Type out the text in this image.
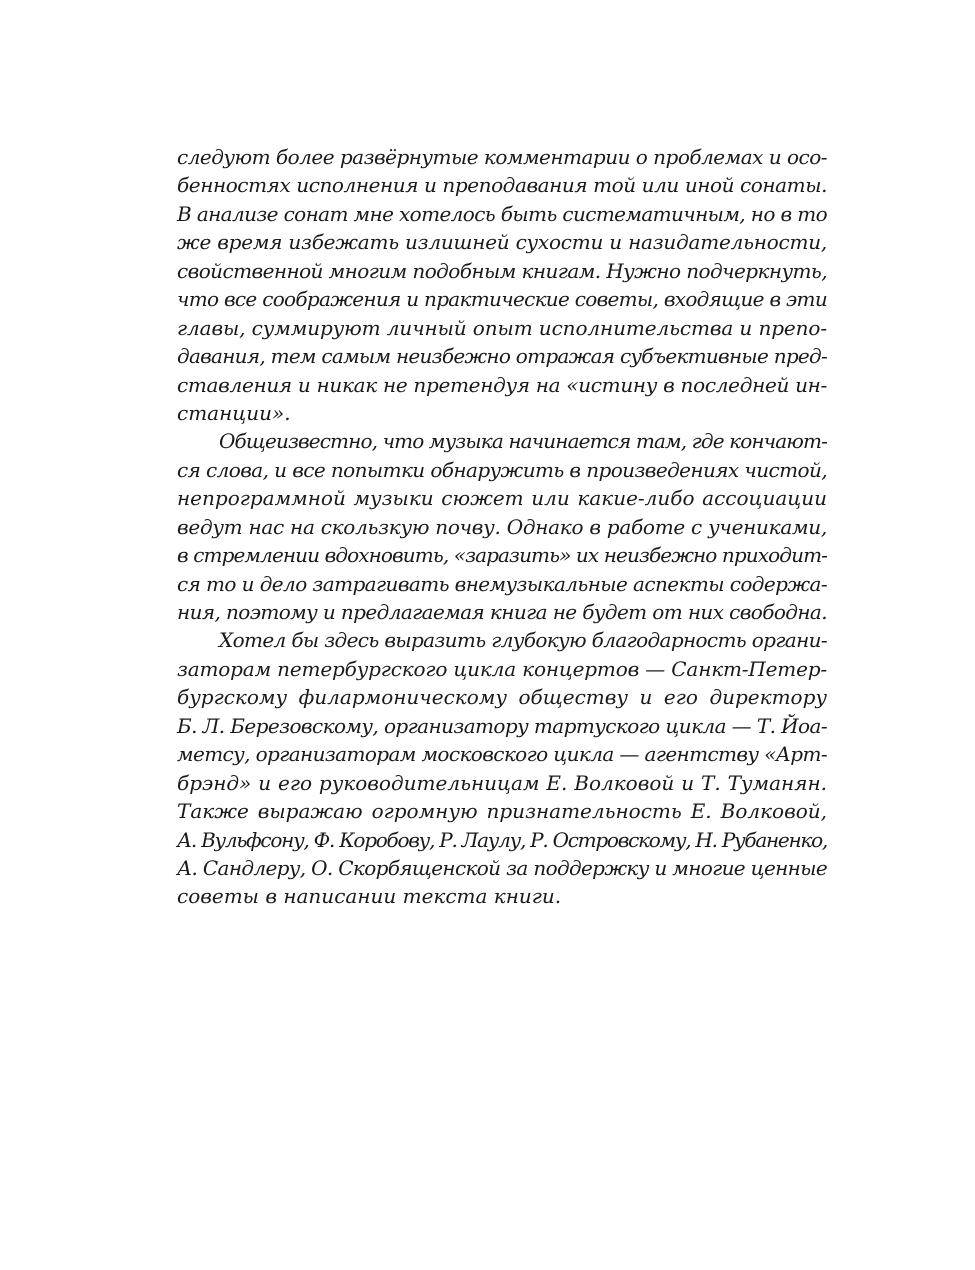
следуют более развёрнутые комментарии о проблемах и осо-
бенностях исполнения и преподавания той или иной сонаты.
В анализе сонат мне хотелось быть систематичным, но в то
же время избежать излишней сухости и назидательности,
свойственной многим подобным книгам. Нужно подчеркнуть,
что все соображения и практические советы, входящие в эти
главы, суммируют личный опыт исполнительства и препо-
давания, тем самым неизбежно отражая субъективные пред-
ставления и никак не претендуя на «истину в последней ин-
станции».
Общеизвестно, что музыка начинается там, где кончают-
ся слова, и все попытки обнаружить в произведениях чистой,
непрограммной музыки сюжет или какие-либо ассоциации
ведут нас на скользкую почву. Однако в работе с учениками,
в стремлении вдохновить, «заразить» их неизбежно приходит-
ся то и дело затрагивать внемузыкальные аспекты содержа-
ния, поэтому и предлагаемая книга не будет от них свободна.
Хотел бы здесь выразить глубокую благодарность органи-
заторам петербургского цикла концертов — Санкт-Петер-
бургскому филармоническому обществу и его директору
Б. Л. Березовскому, организатору тартуского цикла — Т. Йоа-
метсу, организаторам московского цикла — агентству «Арт-
брэнд» и его руководительницам Е. Волковой и Т. Туманян.
Также выражаю огромную признательность Е. Волковой,
А. Вульфсону, Ф. Коробову, Р. Лаулу, Р. Островскому, Н. Рубаненко,
А. Сандлеру, О. Скорбященской за поддержку и многие ценные
советы в написании текста книги.
